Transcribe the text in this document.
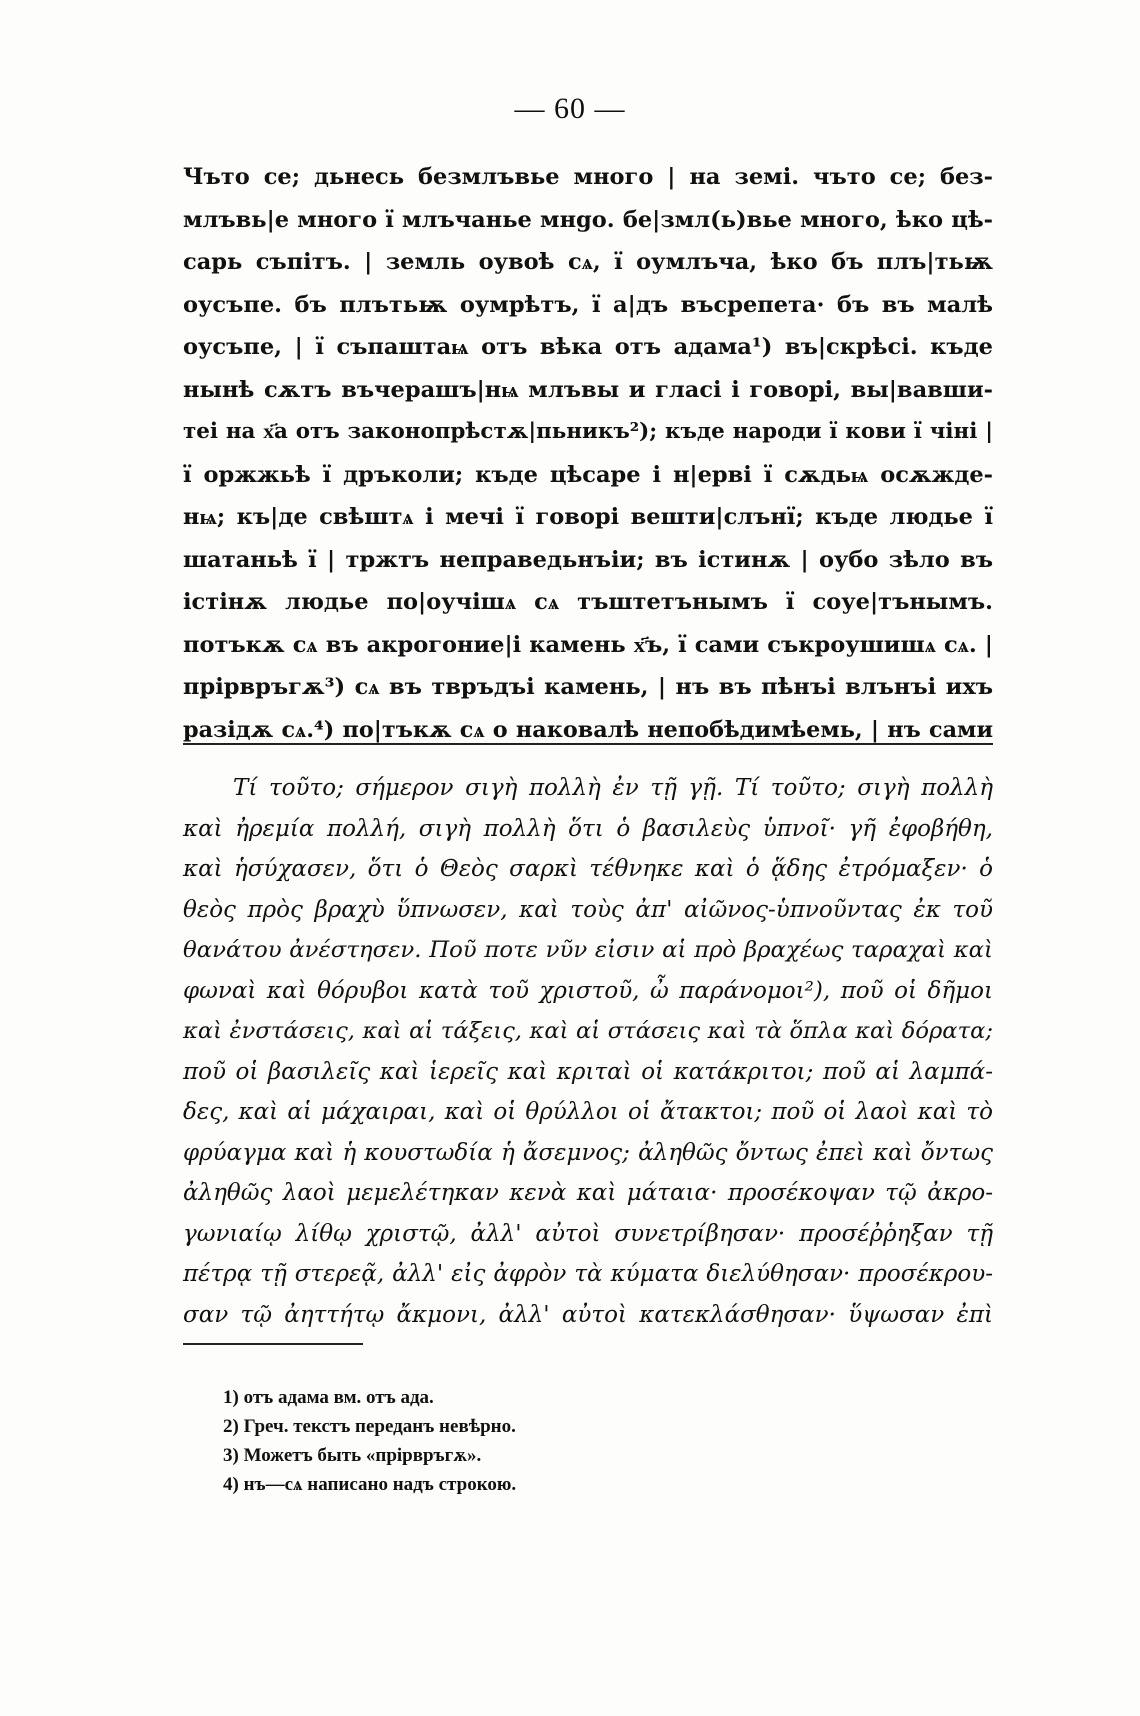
— 60 —
Чъто се; дьнесь безмлъвье много | на земі. чъто се; без-
млъвь|е много ї млъчанье мнgо. бе|змл(ь)вье много, ѣко цѣ-
сарь съпітъ. | земль оувоѣ сѧ, ї оумлъча, ѣко бъ плъ|тьѭ
оусъпе. бъ плътьѭ оумрѣтъ, ї а|дъ въсрепета· бъ въ малѣ
оусъпе, | ї съпаштаѩ отъ вѣка отъ адама¹) въ|скрѣсі. къде
нынѣ сѫтъ въчерашъ|нѩ млъвы и гласі і говорі, вы|вавши-
теі на х҃а отъ законопрѣстѫ|пьникъ²); къде народи ї кови ї чіні |
ї оржжьѣ ї дръколи; къде цѣсаре і н|ерві ї сѫдьѩ осѫжде-
нѩ; къ|де свѣштѧ і мечі ї говорі вешти|слънї; къде людье ї
шатаньѣ ї | тржтъ неправедьнъіи; въ істинѫ | оубо зѣло въ
істінѫ людье по|оучішѧ сѧ тъштетънымъ ї соуе|тънымъ.
потъкѫ сѧ въ акрогоние|і камень х҃ъ, ї сами съкроушишѧ сѧ. |
прірвръгѫ³) сѧ въ твръдъі камень, | нъ въ пѣнъі влънъі ихъ
разідѫ сѧ.⁴) по|тъкѫ сѧ о наковалѣ непобѣдимѣемь, | нъ сами
Τί τοῦτο; σήμερον σιγὴ πολλὴ ἐν τῇ γῇ. Τί τοῦτο; σιγὴ πολλὴ
καὶ ἠρεμία πολλή, σιγὴ πολλὴ ὅτι ὁ βασιλεὺς ὑπνοῖ· γῆ ἐφοβήθη,
καὶ ἡσύχασεν, ὅτι ὁ Θεὸς σαρκὶ τέθνηκε καὶ ὁ ᾅδης ἐτρόμαξεν· ὁ
θεὸς πρὸς βραχὺ ὕπνωσεν, καὶ τοὺς ἀπ' αἰῶνος-ὑπνοῦντας ἐκ τοῦ
θανάτου ἀνέστησεν. Ποῦ ποτε νῦν εἰσιν αἱ πρὸ βραχέως ταραχαὶ καὶ
φωναὶ καὶ θόρυβοι κατὰ τοῦ χριστοῦ, ὦ παράνομοι²), ποῦ οἱ δῆμοι
καὶ ἐνστάσεις, καὶ αἱ τάξεις, καὶ αἱ στάσεις καὶ τὰ ὅπλα καὶ δόρατα;
ποῦ οἱ βασιλεῖς καὶ ἱερεῖς καὶ κριταὶ οἱ κατάκριτοι; ποῦ αἱ λαμπά-
δες, καὶ αἱ μάχαιραι, καὶ οἱ θρύλλοι οἱ ἄτακτοι; ποῦ οἱ λαοὶ καὶ τὸ
φρύαγμα καὶ ἡ κουστωδία ἡ ἄσεμνος; ἀληθῶς ὄντως ἐπεὶ καὶ ὄντως
ἀληθῶς λαοὶ μεμελέτηκαν κενὰ καὶ μάταια· προσέκοψαν τῷ ἀκρο-
γωνιαίῳ λίθῳ χριστῷ, ἀλλ' αὐτοὶ συνετρίβησαν· προσέῤῥηξαν τῇ
πέτρᾳ τῇ στερεᾷ, ἀλλ' εἰς ἀφρὸν τὰ κύματα διελύθησαν· προσέκρου-
σαν τῷ ἀηττήτῳ ἄκμονι, ἀλλ' αὐτοὶ κατεκλάσθησαν· ὕψωσαν ἐπὶ
1) отъ адама вм. отъ ада.
2) Греч. текстъ переданъ невѣрно.
3) Можетъ быть «прірвръгѫ».
4) нъ—сѧ написано надъ строкою.
